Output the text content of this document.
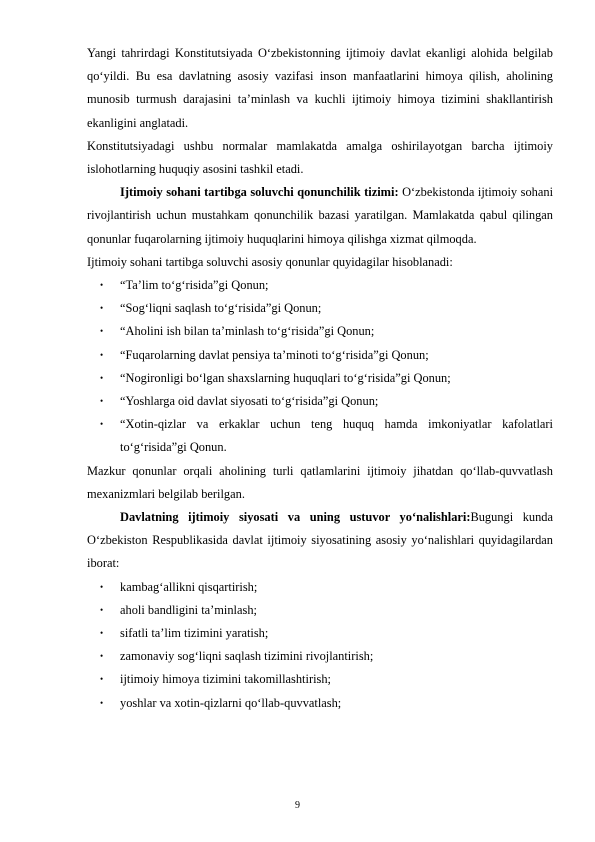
Yangi tahrirdagi Konstitutsiyada O‘zbekistonning ijtimoiy davlat ekanligi alohida belgilab qo‘yildi. Bu esa davlatning asosiy vazifasi inson manfaatlarini himoya qilish, aholining munosib turmush darajasini ta’minlash va kuchli ijtimoiy himoya tizimini shakllantirish ekanligini anglatadi.

Konstitutsiyadagi ushbu normalar mamlakatda amalga oshirilayotgan barcha ijtimoiy islohotlarning huquqiy asosini tashkil etadi.

Ijtimoiy sohani tartibga soluvchi qonunchilik tizimi: O‘zbekistonda ijtimoiy sohani rivojlantirish uchun mustahkam qonunchilik bazasi yaratilgan. Mamlakatda qabul qilingan qonunlar fuqarolarning ijtimoiy huquqlarini himoya qilishga xizmat qilmoqda.

Ijtimoiy sohani tartibga soluvchi asosiy qonunlar quyidagilar hisoblanadi:

• “Ta’lim to‘g‘risida”gi Qonun;
• “Sog‘liqni saqlash to‘g‘risida”gi Qonun;
• “Aholini ish bilan ta’minlash to‘g‘risida”gi Qonun;
• “Fuqarolarning davlat pensiya ta’minoti to‘g‘risida”gi Qonun;
• “Nogironligi bo‘lgan shaxslarning huquqlari to‘g‘risida”gi Qonun;
• “Yoshlarga oid davlat siyosati to‘g‘risida”gi Qonun;
• “Xotin-qizlar va erkaklar uchun teng huquq hamda imkoniyatlar kafolatlari to‘g‘risida”gi Qonun.

Mazkur qonunlar orqali aholining turli qatlamlarini ijtimoiy jihatdan qo‘llab-quvvatlash mexanizmlari belgilab berilgan.

Davlatning ijtimoiy siyosati va uning ustuvor yo‘nalishlari:Bugungi kunda O‘zbekiston Respublikasida davlat ijtimoiy siyosatining asosiy yo‘nalishlari quyidagilardan iborat:

• kambag‘allikni qisqartirish;
• aholi bandligini ta’minlash;
• sifatli ta’lim tizimini yaratish;
• zamonaviy sog‘liqni saqlash tizimini rivojlantirish;
• ijtimoiy himoya tizimini takomillashtirish;
• yoshlar va xotin-qizlarni qo‘llab-quvvatlash;
9
